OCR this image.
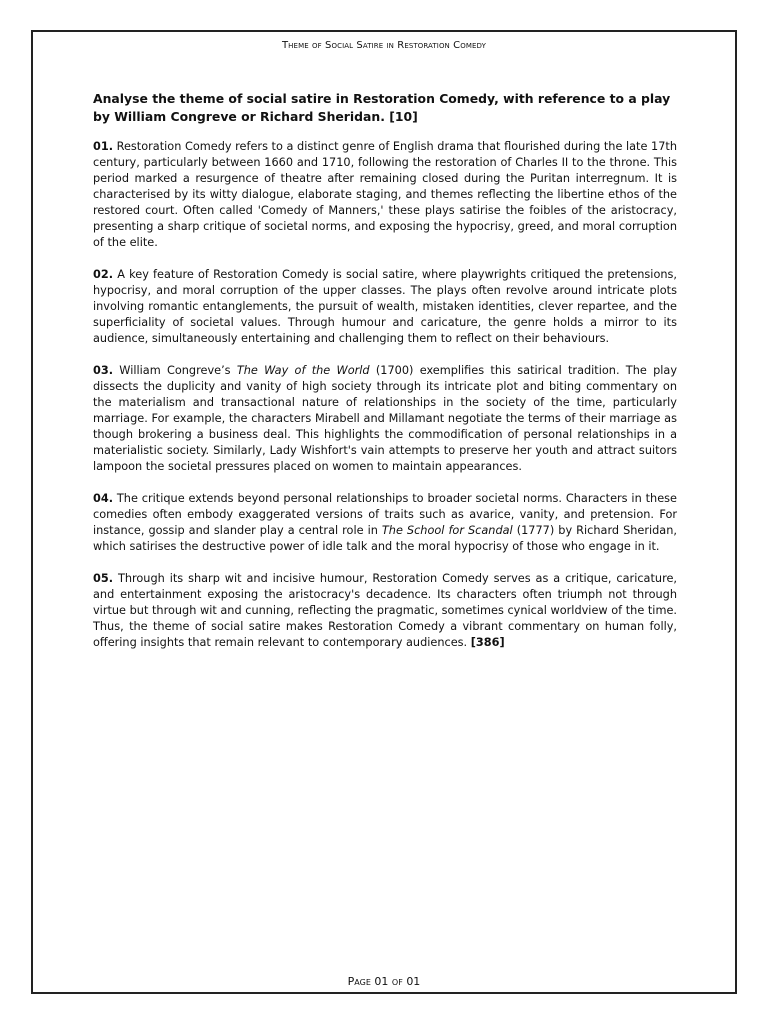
Theme of Social Satire in Restoration Comedy
Analyse the theme of social satire in Restoration Comedy, with reference to a play by William Congreve or Richard Sheridan. [10]

01. Restoration Comedy refers to a distinct genre of English drama that flourished during the late 17th century, particularly between 1660 and 1710, following the restoration of Charles II to the throne. This period marked a resurgence of theatre after remaining closed during the Puritan interregnum. It is characterised by its witty dialogue, elaborate staging, and themes reflecting the libertine ethos of the restored court. Often called 'Comedy of Manners,' these plays satirise the foibles of the aristocracy, presenting a sharp critique of societal norms, and exposing the hypocrisy, greed, and moral corruption of the elite.

02. A key feature of Restoration Comedy is social satire, where playwrights critiqued the pretensions, hypocrisy, and moral corruption of the upper classes. The plays often revolve around intricate plots involving romantic entanglements, the pursuit of wealth, mistaken identities, clever repartee, and the superficiality of societal values. Through humour and caricature, the genre holds a mirror to its audience, simultaneously entertaining and challenging them to reflect on their behaviours.

03. William Congreve’s The Way of the World (1700) exemplifies this satirical tradition. The play dissects the duplicity and vanity of high society through its intricate plot and biting commentary on the materialism and transactional nature of relationships in the society of the time, particularly marriage. For example, the characters Mirabell and Millamant negotiate the terms of their marriage as though brokering a business deal. This highlights the commodification of personal relationships in a materialistic society. Similarly, Lady Wishfort's vain attempts to preserve her youth and attract suitors lampoon the societal pressures placed on women to maintain appearances.

04. The critique extends beyond personal relationships to broader societal norms. Characters in these comedies often embody exaggerated versions of traits such as avarice, vanity, and pretension. For instance, gossip and slander play a central role in The School for Scandal (1777) by Richard Sheridan, which satirises the destructive power of idle talk and the moral hypocrisy of those who engage in it.

05. Through its sharp wit and incisive humour, Restoration Comedy serves as a critique, caricature, and entertainment exposing the aristocracy's decadence. Its characters often triumph not through virtue but through wit and cunning, reflecting the pragmatic, sometimes cynical worldview of the time. Thus, the theme of social satire makes Restoration Comedy a vibrant commentary on human folly, offering insights that remain relevant to contemporary audiences. [386]

Page 01 of 01
